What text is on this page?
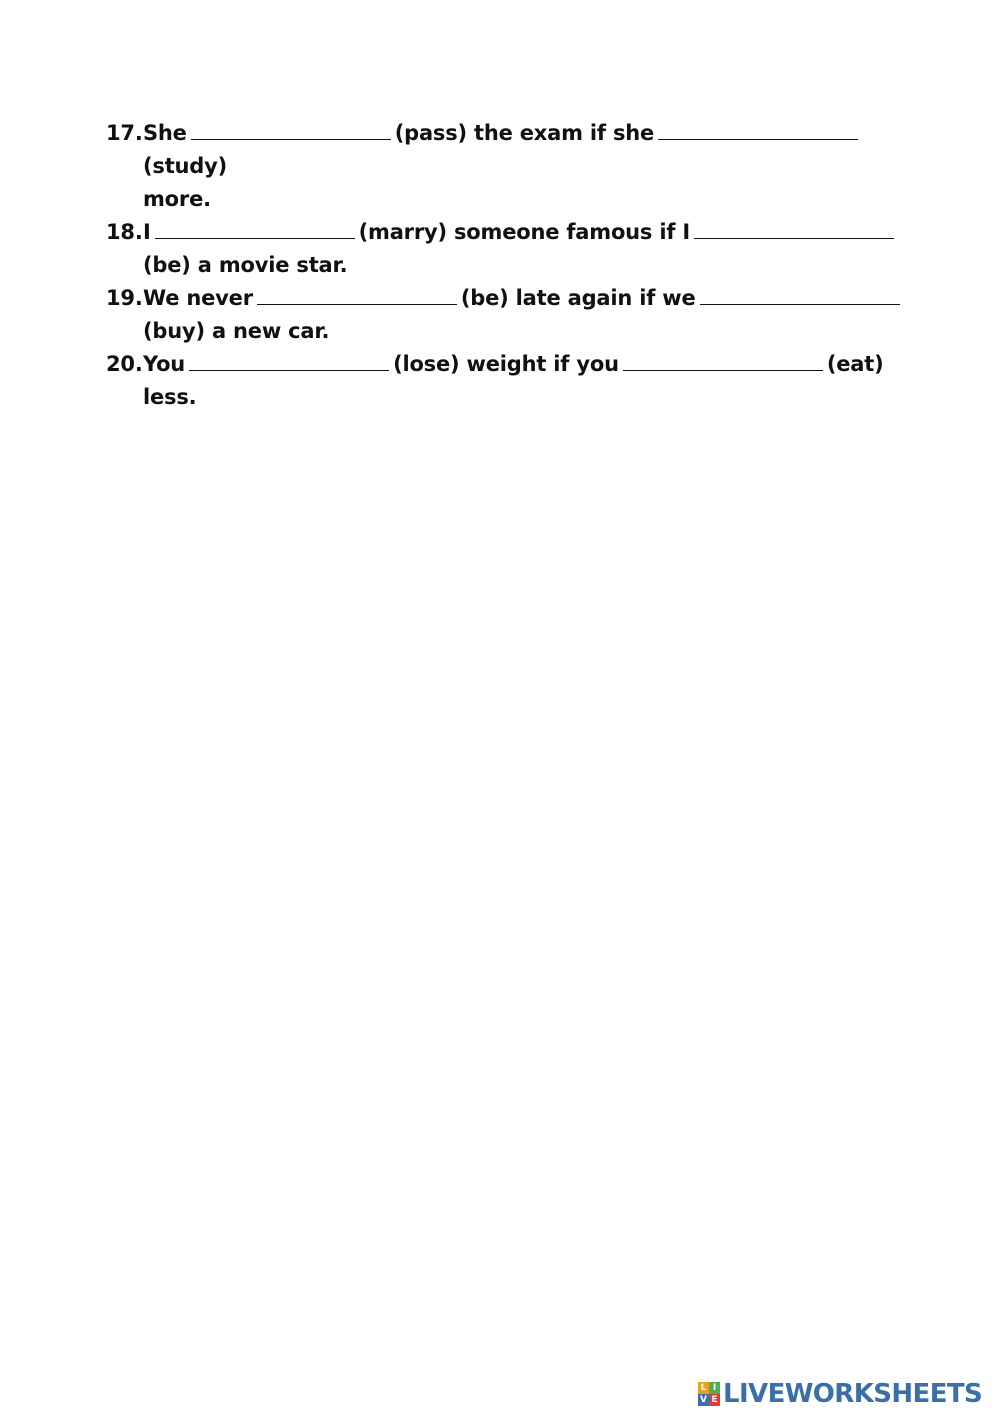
17. She	(pass) the exam if she(study)
more.
18. I	(marry) someone famous if I
(be) a movie star.
19. We never	(be) late again if we
(buy) a new car.
20. You	(lose) weight if you	(eat) less.
L I
V E LIVEWORKSHEETS
